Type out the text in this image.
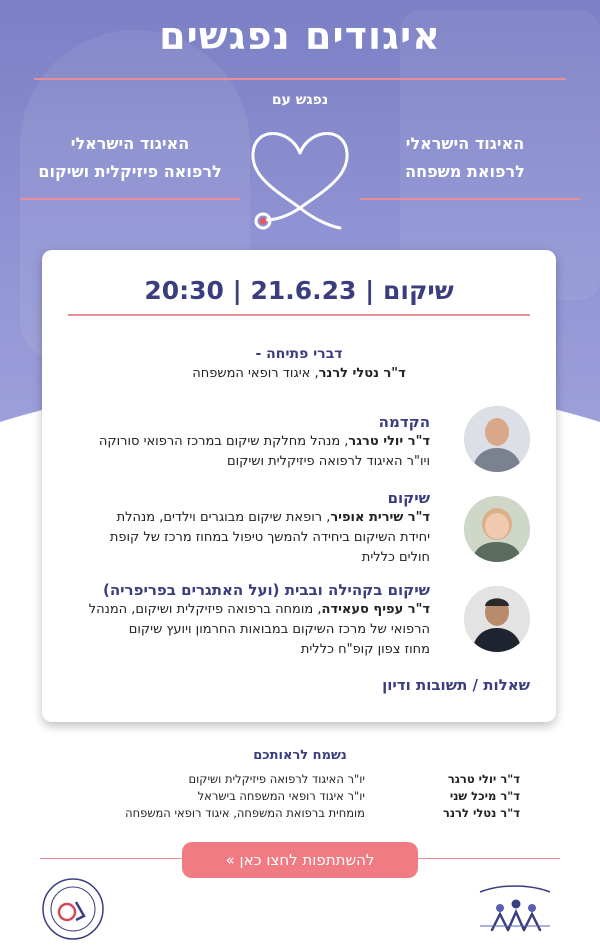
איגודים נפגשים
נפגש עם
האיגוד הישראלי
לרפואת משפחה
האיגוד הישראלי
לרפואה פיזיקלית ושיקום
שיקום | 21.6.23 | 20:30
דברי פתיחה -
ד"ר נטלי לרנר, איגוד רופאי המשפחה
הקדמה
ד"ר יולי טרגר, מנהל מחלקת שיקום במרכז הרפואי סורוקה
ויו"ר האיגוד לרפואה פיזיקלית ושיקום
שיקום
ד"ר שירית אופיר, רופאת שיקום מבוגרים וילדים, מנהלת
יחידת השיקום ביחידה להמשך טיפול במחוז מרכז של קופת
חולים כללית
שיקום בקהילה ובבית (ועל האתגרים בפריפריה)
ד"ר עפיף סעאידה, מומחה ברפואה פיזיקלית ושיקום, המנהל
הרפואי של מרכז השיקום במבואות החרמון ויועץ שיקום
מחוז צפון קופ"ח כללית
שאלות / תשובות ודיון
נשמח לראותכם
ד"ר יולי טרגר
יו"ר האיגוד לרפואה פיזיקלית ושיקום
ד"ר מיכל שני
יו"ר איגוד רופאי המשפחה בישראל
ד"ר נטלי לרנר
מומחית ברפואת המשפחה, איגוד רופאי המשפחה
להשתתפות לחצו כאן »
